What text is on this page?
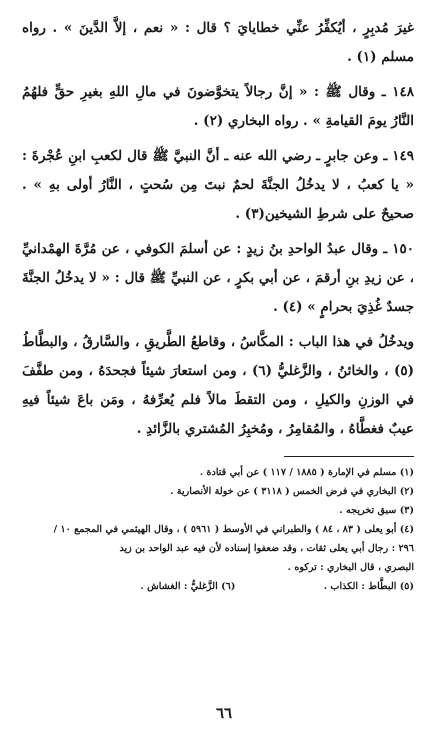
غيرَ مُدبِرٍ ، أيُكفِّرُ عنِّي خطايايَ ؟ قال : « نعم ، إلاَّ الدَّينَ » . رواه مسلم (١) .

١٤٨ ـ وقال ﷺ : « إنَّ رجالاً يتخوَّضونَ في مالِ اللهِ بغيرِ حقٍّ فلهُمُ النَّارُ يومَ القيامةِ » . رواه البخاري (٢) .

١٤٩ ـ وعن جابرٍ ـ رضي الله عنه ـ أنَّ النبيَّ ﷺ قال لكعبِ ابنِ عُجْرةَ : « يا كعبُ ، لا يدخُلُ الجنَّةَ لحمٌ نبتَ مِن سُحتٍ ، النَّارُ أولى بهِ » . صحيحٌ على شرطِ الشيخين(٣) .

١٥٠ ـ وقال عبدُ الواحدِ بنُ زيدٍ : عن أسلمَ الكوفي ، عن مُرَّةَ الهمْدانيِّ ، عن زيدِ بنِ أرقمَ ، عن أبي بكرٍ ، عن النبيِّ ﷺ قال : « لا يدخُلُ الجنَّةَ جسدٌ غُذِيَ بحرامٍ » (٤) .

ويدخُلُ في هذا الباب : المكَّاسُ ، وقاطعُ الطَّريقِ ، والسَّارقُ ، والبطَّاطُ (٥) ، والخائنُ ، والزَّغليُّ (٦) ، ومن استعارَ شيئاً فجحدَهُ ، ومن طفَّفَ في الوزنِ والكيلِ ، ومن التقطَ مالاً فلم يُعرِّفهُ ، ومَن باعَ شيئاً فيهِ عيبٌ فغطَّاهُ ، والمُقامِرُ ، ومُخبِرُ المُشتري بالزَّائدِ .

(١) مسلم في الإمارة ( ١٨٨٥ / ١١٧ ) عن أبي قتادة .

(٢) البخاري في فرض الخمس ( ٣١١٨ ) عن خولة الأنصارية .

(٣) سبق تخريجه .

(٤) أبو يعلى ( ٨٣ ، ٨٤ ) والطبراني في الأوسط ( ٥٩٦١ ) ، وقال الهيثمي في المجمع ١٠ /

٢٩٦ : رجال أبي يعلى ثقات ، وقد ضعفوا إسناده لأن فيه عبد الواحد بن زيد

البصري ، قال البخاري : تركوه .

(٥) البطَّاط : الكذاب .
(٦) الزَّغليُّ : الغشاش .

٦٦
